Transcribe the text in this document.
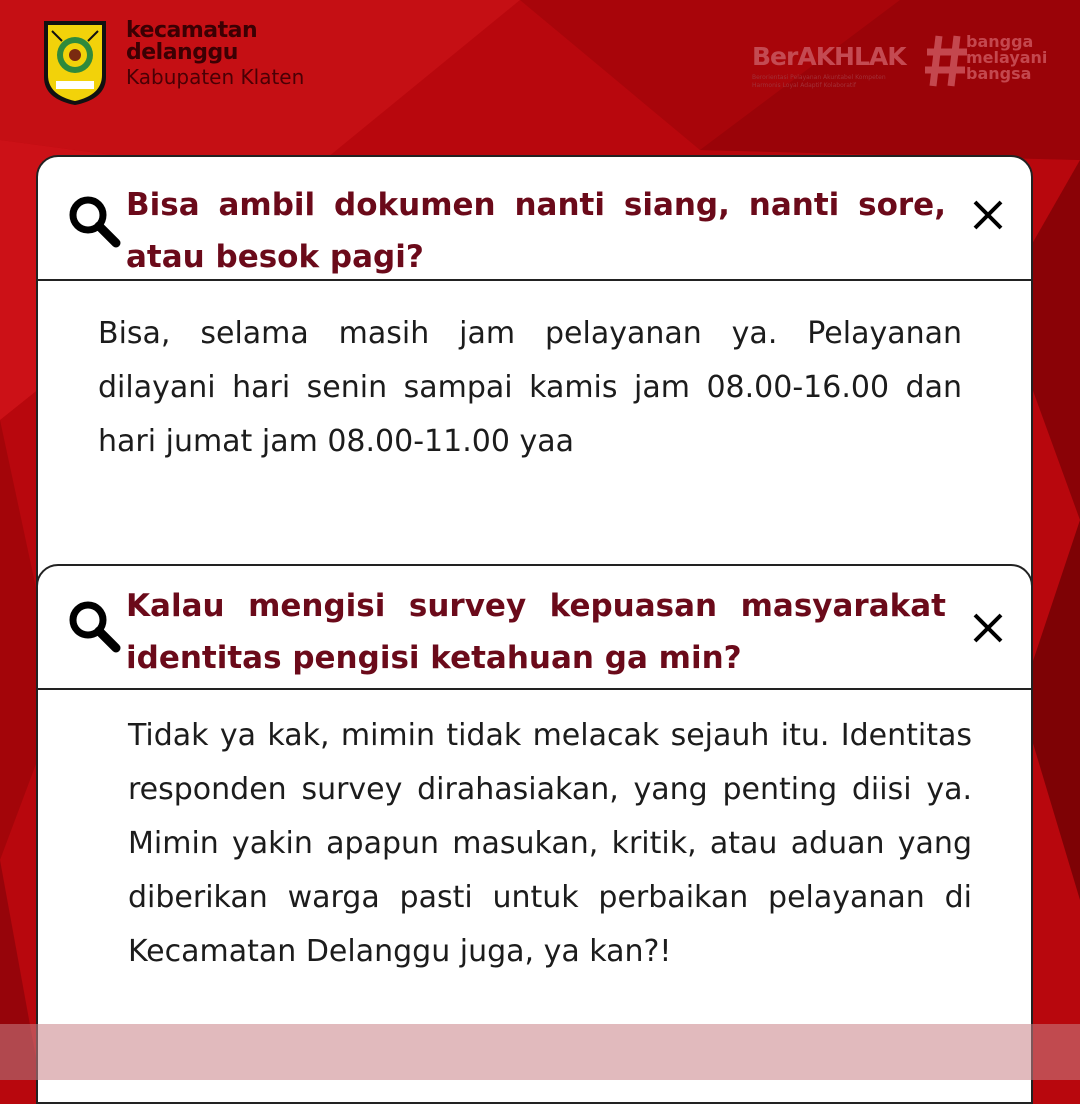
kecamatan
delanggu
Kabupaten Klaten
BerAKHLAK
Berorientasi Pelayanan Akuntabel Kompeten
Harmonis Loyal Adaptif Kolaboratif
bangga
melayani
bangsa

Bisa ambil dokumen nanti siang, nanti sore, atau besok pagi?

Bisa, selama masih jam pelayanan ya. Pelayanan dilayani hari senin sampai kamis jam 08.00-16.00 dan hari jumat jam 08.00-11.00 yaa

Kalau mengisi survey kepuasan masyarakat identitas pengisi ketahuan ga min?

Tidak ya kak, mimin tidak melacak sejauh itu. Identitas responden survey dirahasiakan, yang penting diisi ya. Mimin yakin apapun masukan, kritik, atau aduan yang diberikan warga pasti untuk perbaikan pelayanan di Kecamatan Delanggu juga, ya kan?!
